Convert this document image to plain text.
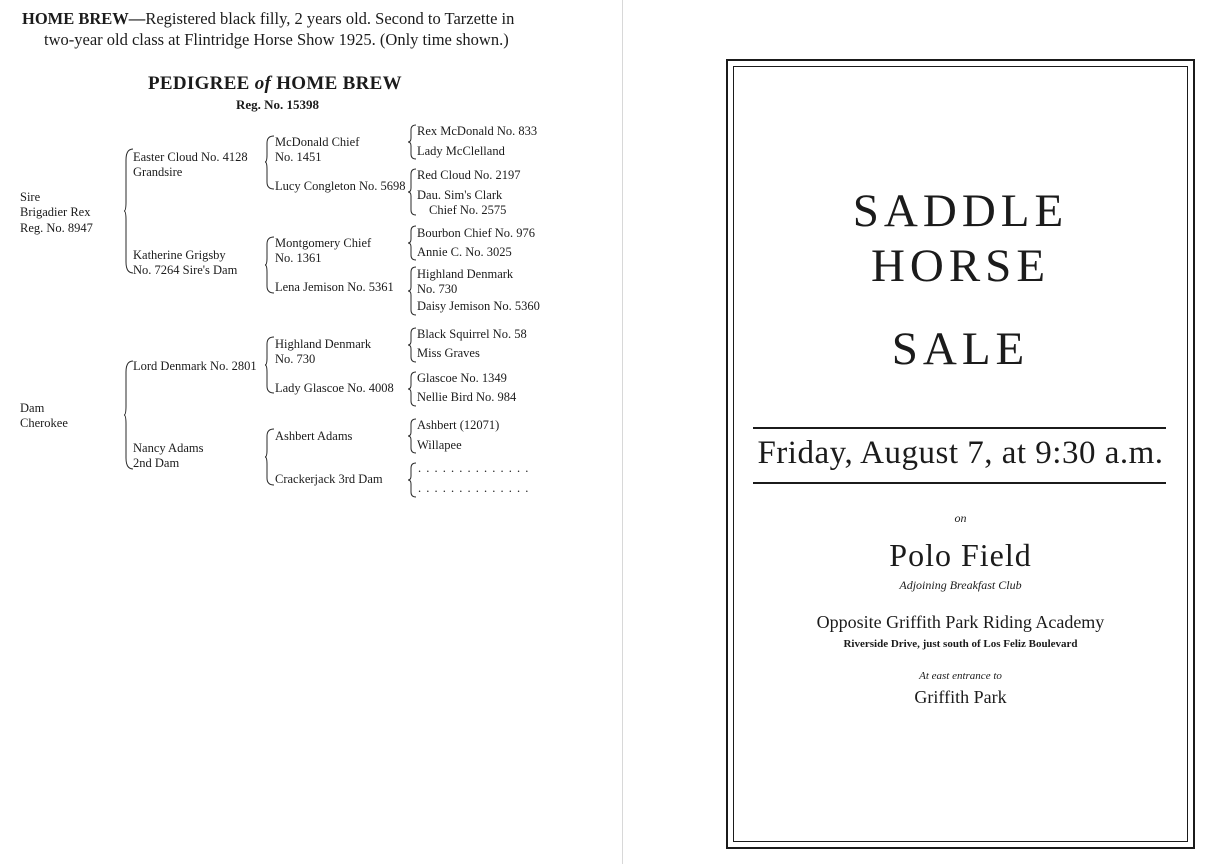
HOME BREW—Registered black filly, 2 years old. Second to Tarzette in
two-year old class at Flintridge Horse Show 1925. (Only time shown.)
PEDIGREE of HOME BREW
Reg. No. 15398
Sire
Brigadier Rex
Reg. No. 8947
Dam
Cherokee
Easter Cloud No. 4128
Grandsire
Katherine Grigsby
No. 7264 Sire's Dam
Lord Denmark No. 2801
Nancy Adams
2nd Dam
McDonald Chief
No. 1451
Lucy Congleton No. 5698
Montgomery Chief
No. 1361
Lena Jemison No. 5361
Highland Denmark
No. 730
Lady Glascoe No. 4008
Ashbert Adams
Crackerjack 3rd Dam
Rex McDonald No. 833
Lady McClelland
Red Cloud No. 2197
Dau. Sim's Clark
Chief No. 2575
Bourbon Chief No. 976
Annie C. No. 3025
Highland Denmark
No. 730
Daisy Jemison No. 5360
Black Squirrel No. 58
Miss Graves
Glascoe No. 1349
Nellie Bird No. 984
Ashbert (12071)
Willapee
. . . . . . . . . . . . . .
. . . . . . . . . . . . . .
SADDLE
HORSE
SALE
Friday, August 7, at 9:30 a.m.
on
Polo Field
Adjoining Breakfast Club
Opposite Griffith Park Riding Academy
Riverside Drive, just south of Los Feliz Boulevard
At east entrance to
Griffith Park
